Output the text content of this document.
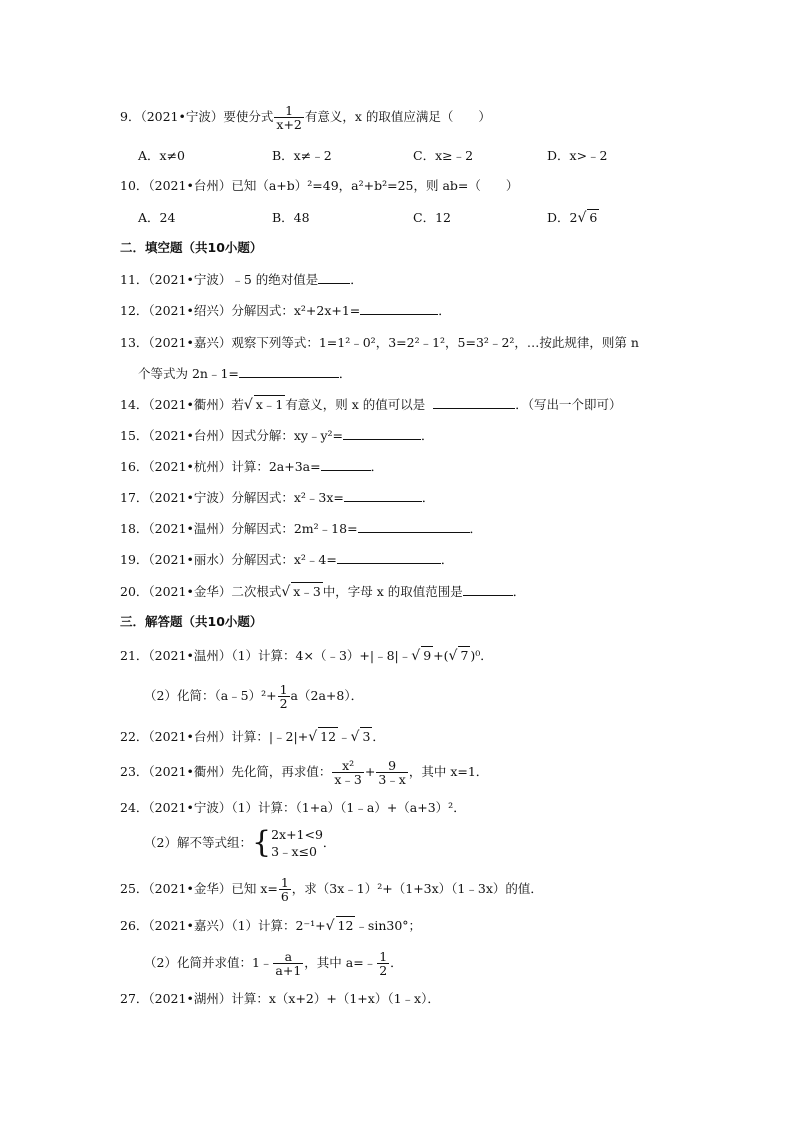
9．（2021•宁波）要使分式 $\frac{1}{x+2}$ 有意义，x 的取值应满足（　　）
A．x≠0	B．x≠﹣2	C．x≥﹣2	D．x>﹣2
10．（2021•台州）已知（a+b）²=49，a²+b²=25，则 ab=（　　）
A．24	B．48	C．12	D．2√ 6
二．填空题（共10小题）
11．（2021•宁波）﹣5 的绝对值是	．
12．（2021•绍兴）分解因式：x²+2x+1=	．
13．（2021•嘉兴）观察下列等式：1=1²﹣0²，3=2²﹣1²，5=3²﹣2²，…按此规律，则第 n
个等式为 2n﹣1=	．
14．（2021•衢州）若√ x﹣1 有意义，则 x 的值可以是	．（写出一个即可）
15．（2021•台州）因式分解：xy﹣y²=	．
16．（2021•杭州）计算：2a+3a=	．
17．（2021•宁波）分解因式：x²﹣3x=	．
18．（2021•温州）分解因式：2m²﹣18=	．
19．（2021•丽水）分解因式：x²﹣4=	．
20．（2021•金华）二次根式√ x﹣3 中，字母 x 的取值范围是	．
三．解答题（共10小题）
21．（2021•温州）（1）计算：4×（﹣3）+|﹣8|﹣√ 9 +(√ 7 )⁰．
（2）化简：（a﹣5）²+ $\frac{1}{2} a(2a+8)$．
22．（2021•台州）计算：|﹣2|+√ 12 ﹣√ 3 ．
23．（2021•衢州）先化简，再求值： $\frac{\text{x²}}{x﹣3} + \frac{9}{3﹣x}$ ，其中 x=1．
24．（2021•宁波）（1）计算：（1+a）（1﹣a）+（a+3）²．
（2）解不等式组：{ 2x+1<9
3﹣x≤0
．
25．（2021•金华）已知 $x= \frac{1}{6}$ ，求（3x﹣1）²+（1+3x）（1﹣3x）的值．
26．（2021•嘉兴）（1）计算：2⁻¹+√ 12 ﹣sin30°；
（2）化简并求值：1﹣ $\frac{a}{a+1}$ ，其中 a=﹣ $\frac{1}{2}$ ．
27．（2021•湖州）计算：x（x+2）+（1+x）（1﹣x）．
